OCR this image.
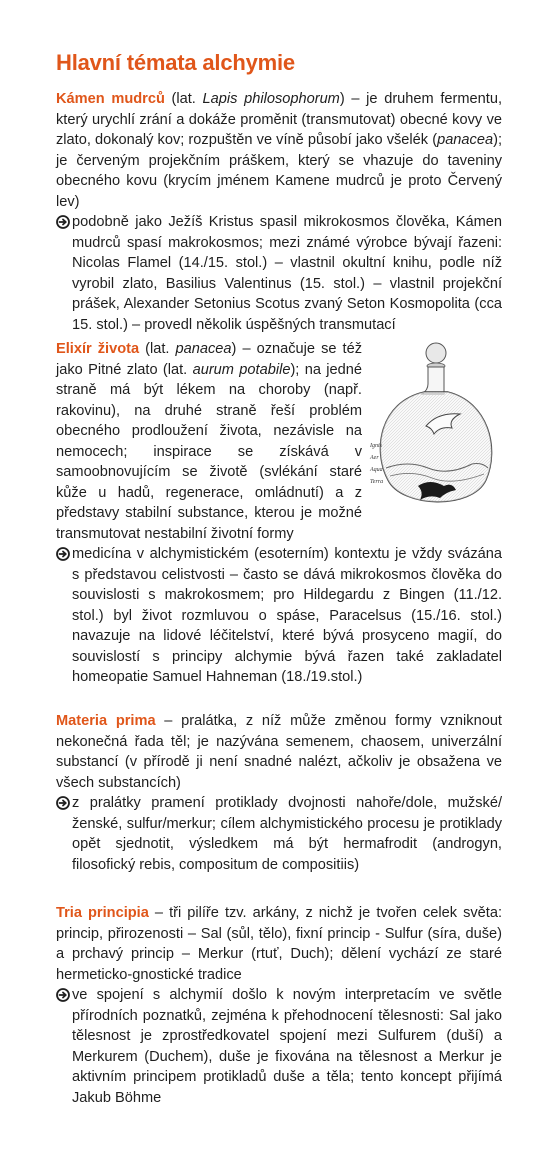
Hlavní témata alchymie
Kámen mudrců (lat. Lapis philosophorum) – je druhem fermentu, který urychlí zrání a dokáže proměnit (transmutovat) obecné kovy ve zlato, dokonalý kov; rozpuštěn ve víně působí jako všelék (panacea); je červeným projekčním práškem, který se vhazuje do taveniny obecného kovu (krycím jménem Kamene mudrců je proto Červený lev)
podobně jako Ježíš Kristus spasil mikrokosmos člověka, Kámen mudrců spasí makrokosmos; mezi známé výrobce bývají řazeni: Nicolas Flamel (14./15. stol.) – vlastnil okultní knihu, podle níž vyrobil zlato, Basilius Valentinus (15. stol.) – vlastnil projekční prášek, Alexander Setonius Scotus zvaný Seton Kosmopolita (cca 15. stol.) – provedl několik úspěšných transmutací
Elixír života (lat. panacea) – označuje se též jako Pitné zlato (lat. aurum potabile); na jedné straně má být lékem na choroby (např. rakovinu), na druhé straně řeší problém obecného prodloužení života, nezávisle na nemocech; inspirace se získává v samoobnovujícím se životě (svlékání staré kůže u hadů, regenerace, omládnutí) a z představy stabilní substance, kterou je možné transmutovat nestabilní životní formy
medicína v alchymistickém (esoterním) kontextu je vždy svázána s představou celistvosti – často se dává mikrokosmos člověka do souvislosti s makrokosmem; pro Hildegardu z Bingen (11./12. stol.) byl život rozmluvou o spáse, Paracelsus (15./16. stol.) navazuje na lidové léčitelství, které bývá prosyceno magií, do souvislostí s principy alchymie bývá řazen také zakladatel homeopatie Samuel Hahneman (18./19.stol.)
Ignis
Aer
Aqua
Terra
Materia prima – pralátka, z níž může změnou formy vzniknout nekonečná řada těl; je nazývána semenem, chaosem, univerzální substancí (v přírodě ji není snadné nalézt, ačkoliv je obsažena ve všech substancích)
z pralátky pramení protiklady dvojnosti nahoře/dole, mužské/ženské, sulfur/merkur; cílem alchymistického procesu je protiklady opět sjednotit, výsledkem má být hermafrodit (androgyn, filosofický rebis, compositum de compositiis)
Tria principia – tři pilíře tzv. arkány, z nichž je tvořen celek světa: princip, přirozenosti – Sal (sůl, tělo), fixní princip - Sulfur (síra, duše) a prchavý princip – Merkur (rtuť, Duch); dělení vychází ze staré hermeticko-gnostické tradice
ve spojení s alchymií došlo k novým interpretacím ve světle přírodních poznatků, zejména k přehodnocení tělesnosti: Sal jako tělesnost je zprostředkovatel spojení mezi Sulfurem (duší) a Merkurem (Duchem), duše je fixována na tělesnost a Merkur je aktivním principem protikladů duše a těla; tento koncept přijímá Jakub Böhme
